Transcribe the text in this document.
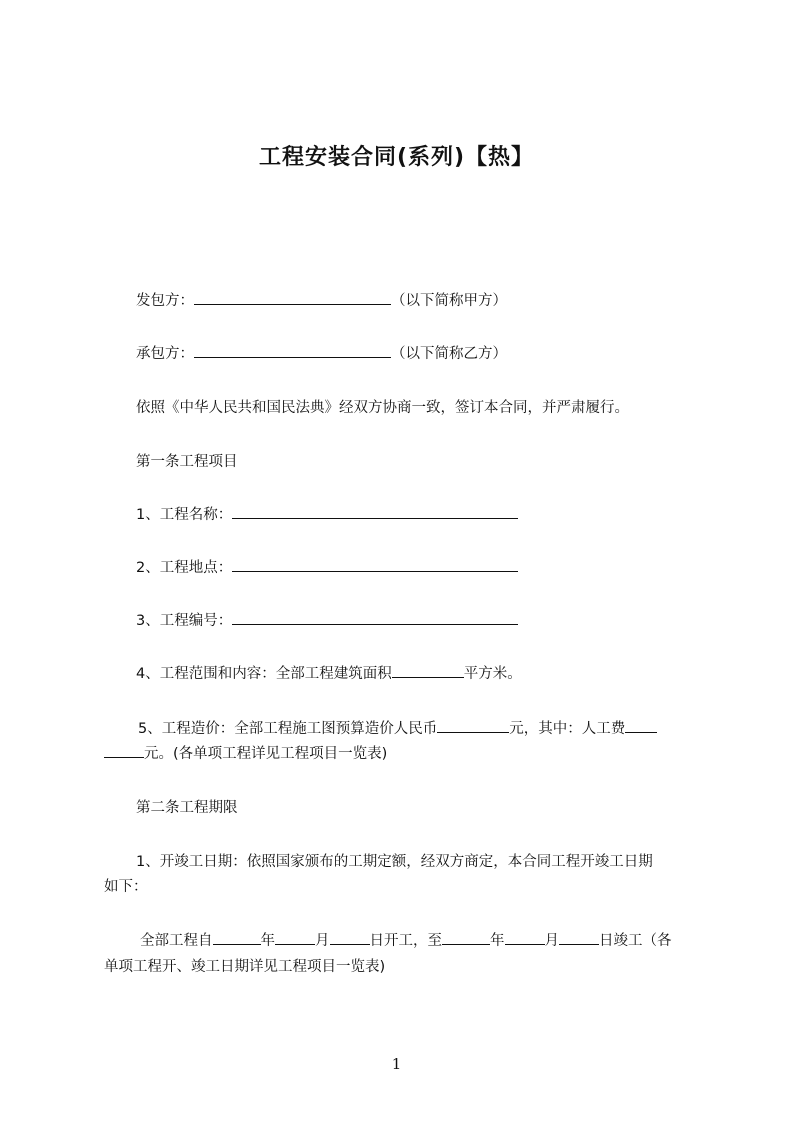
工程安装合同(系列)【热】
发包方：	（以下简称甲方）
承包方：	（以下简称乙方）
依照《中华人民共和国民法典》经双方协商一致，签订本合同，并严肃履行。
第一条工程项目
1、工程名称：
2、工程地点：
3、工程编号：
4、工程范围和内容：全部工程建筑面积	平方米。
5、工程造价：全部工程施工图预算造价人民币	元，其中：人工费
元。(各单项工程详见工程项目一览表)
第二条工程期限
1、开竣工日期：依照国家颁布的工期定额，经双方商定，本合同工程开竣工日期
如下：
全部工程自	年	月	日开工，至	年	月	日竣工（各
单项工程开、竣工日期详见工程项目一览表)
1
